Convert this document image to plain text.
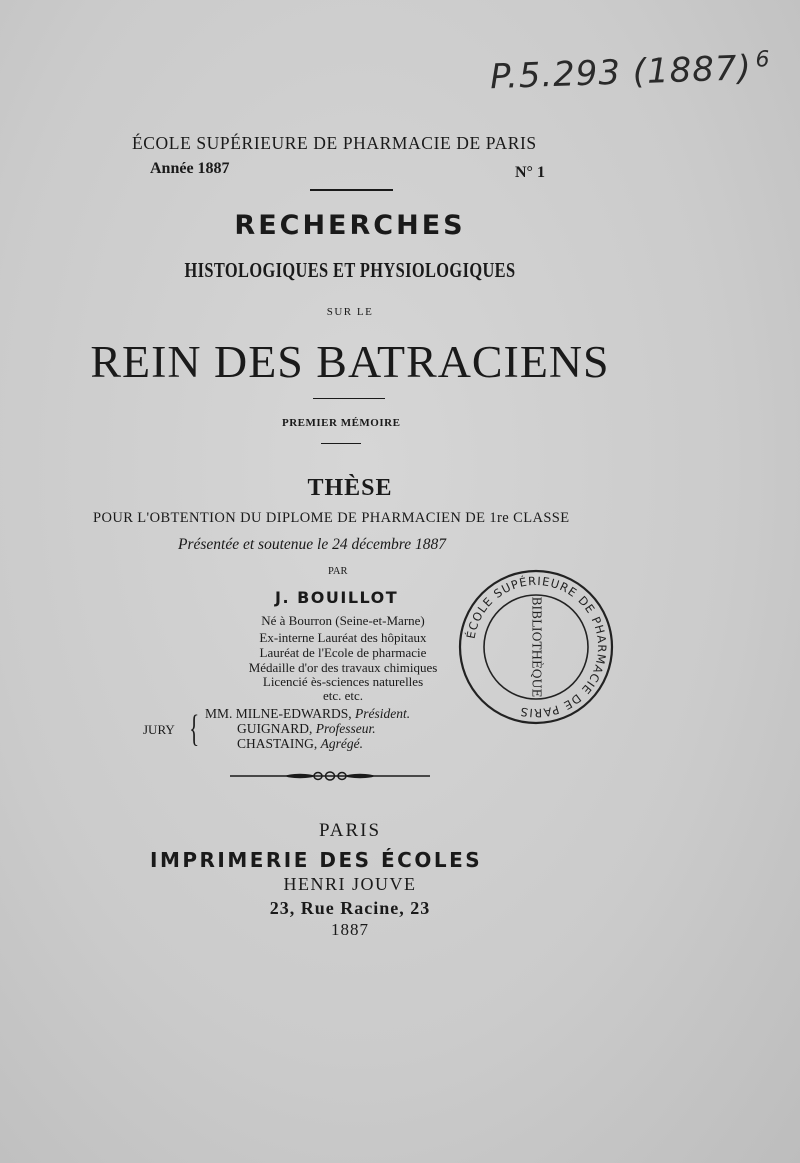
P.5.293 (1887) $^6$
ÉCOLE SUPÉRIEURE DE PHARMACIE DE PARIS
Année 1887	N° 1
RECHERCHES
HISTOLOGIQUES ET PHYSIOLOGIQUES
SUR LE
REIN DES BATRACIENS
PREMIER MÉMOIRE
THÈSE
POUR L'OBTENTION DU DIPLOME DE PHARMACIEN DE 1re CLASSE
Présentée et soutenue le 24 décembre 1887
PAR
J. BOUILLOT
Né à Bourron (Seine-et-Marne)
Ex-interne Lauréat des hôpitaux
Lauréat de l'Ecole de pharmacie
Médaille d'or des travaux chimiques
Licencié ès-sciences naturelles
etc. etc.
JURY { MM. MILNE-EDWARDS, Président.
GUIGNARD, Professeur.
CHASTAING, Agrégé.
ÉCOLE SUPÉRIEURE DE PHARMACIE DE PARIS
BIBLIOTHÈQUE
PARIS
IMPRIMERIE DES ÉCOLES
HENRI JOUVE
23, Rue Racine, 23
1887
